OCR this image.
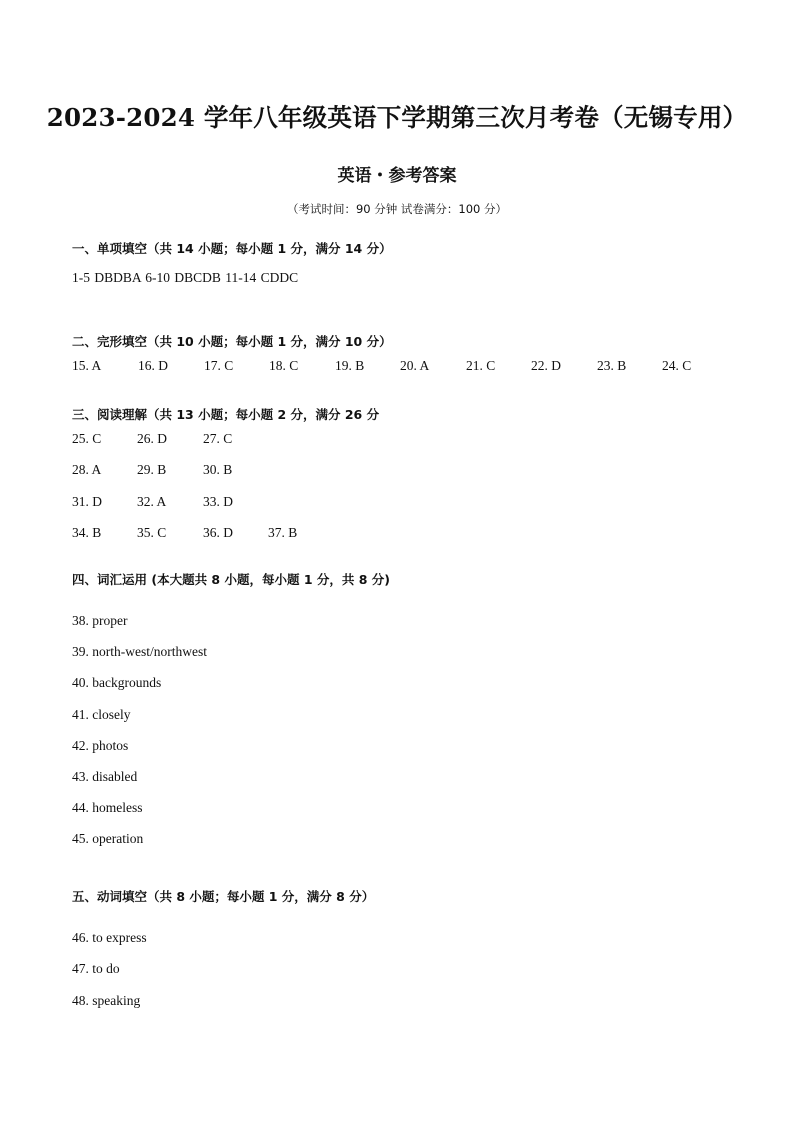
2023-2024 学年八年级英语下学期第三次月考卷（无锡专用）
英语・参考答案
（考试时间：90 分钟 试卷满分：100 分）
一、单项填空（共 14 小题；每小题 1 分，满分 14 分）
1-5 DBDBA 6-10 DBCDB 11-14 CDDC
二、完形填空（共 10 小题；每小题 1 分，满分 10 分）
15. A	16. D	17. C	18. C	19. B	20. A	21. C	22. D	23. B	24. C
三、阅读理解（共 13 小题；每小题 2 分，满分 26 分
25. C	26. D	27. C
28. A	29. B	30. B
31. D	32. A	33. D
34. B	35. C	36. D	37. B
四、词汇运用 (本大题共 8 小题，每小题 1 分，共 8 分)
38. proper
39. north-west/northwest
40. backgrounds
41. closely
42. photos
43. disabled
44. homeless
45. operation
五、动词填空（共 8 小题；每小题 1 分，满分 8 分）
46. to express
47. to do
48. speaking
